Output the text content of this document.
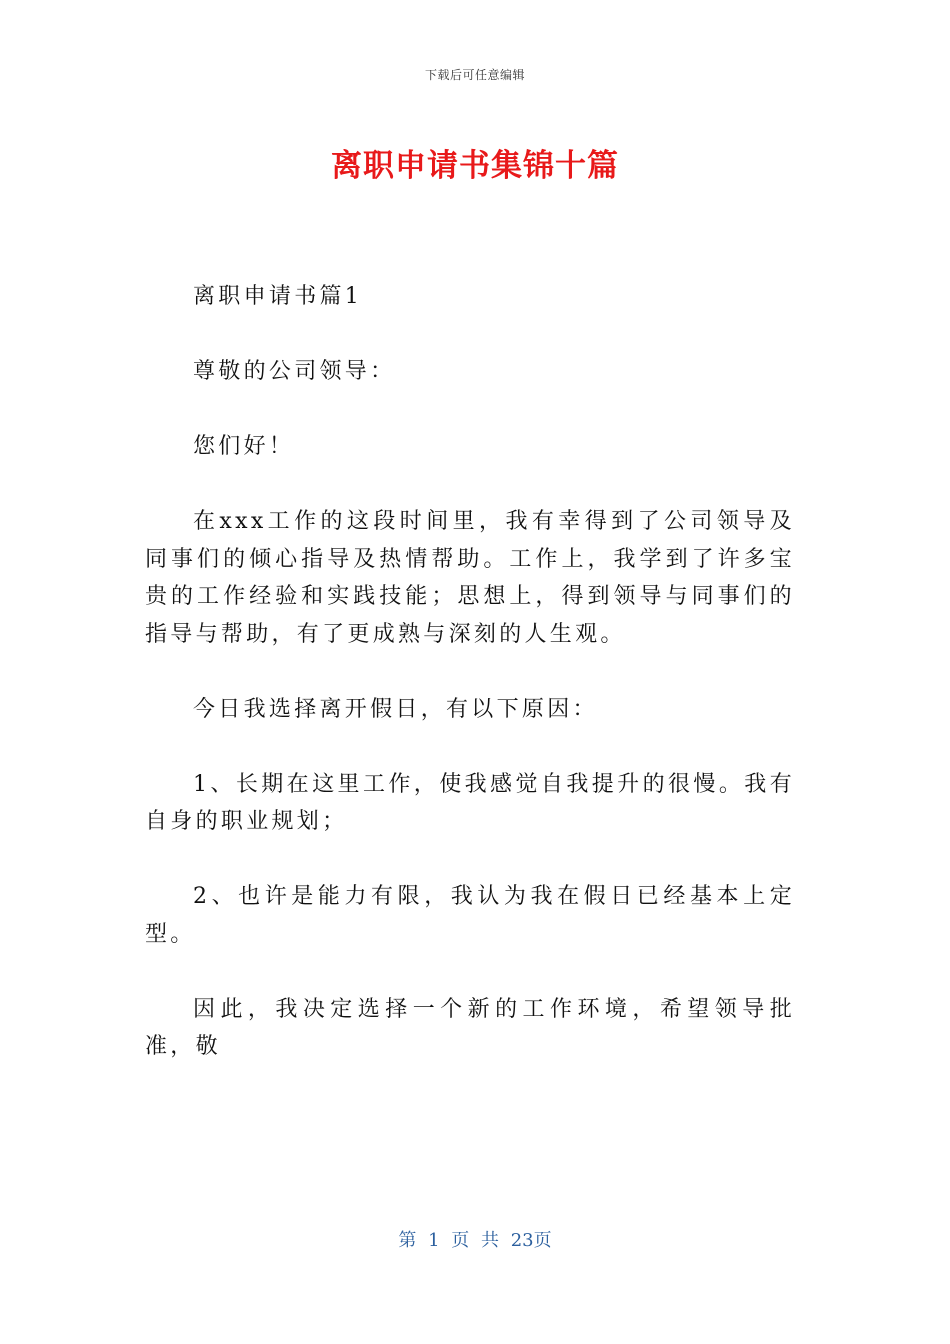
下载后可任意编辑
离职申请书集锦十篇

离职申请书篇1

尊敬的公司领导：

您们好！

在xxx工作的这段时间里，我有幸得到了公司领导及同事们的倾心指导及热情帮助。工作上，我学到了许多宝贵的工作经验和实践技能；思想上，得到领导与同事们的指导与帮助，有了更成熟与深刻的人生观。

今日我选择离开假日，有以下原因：

1、长期在这里工作，使我感觉自我提升的很慢。我有自身的职业规划；

2、也许是能力有限，我认为我在假日已经基本上定型。

因此，我决定选择一个新的工作环境，希望领导批准，敬

第 1 页 共 23页
